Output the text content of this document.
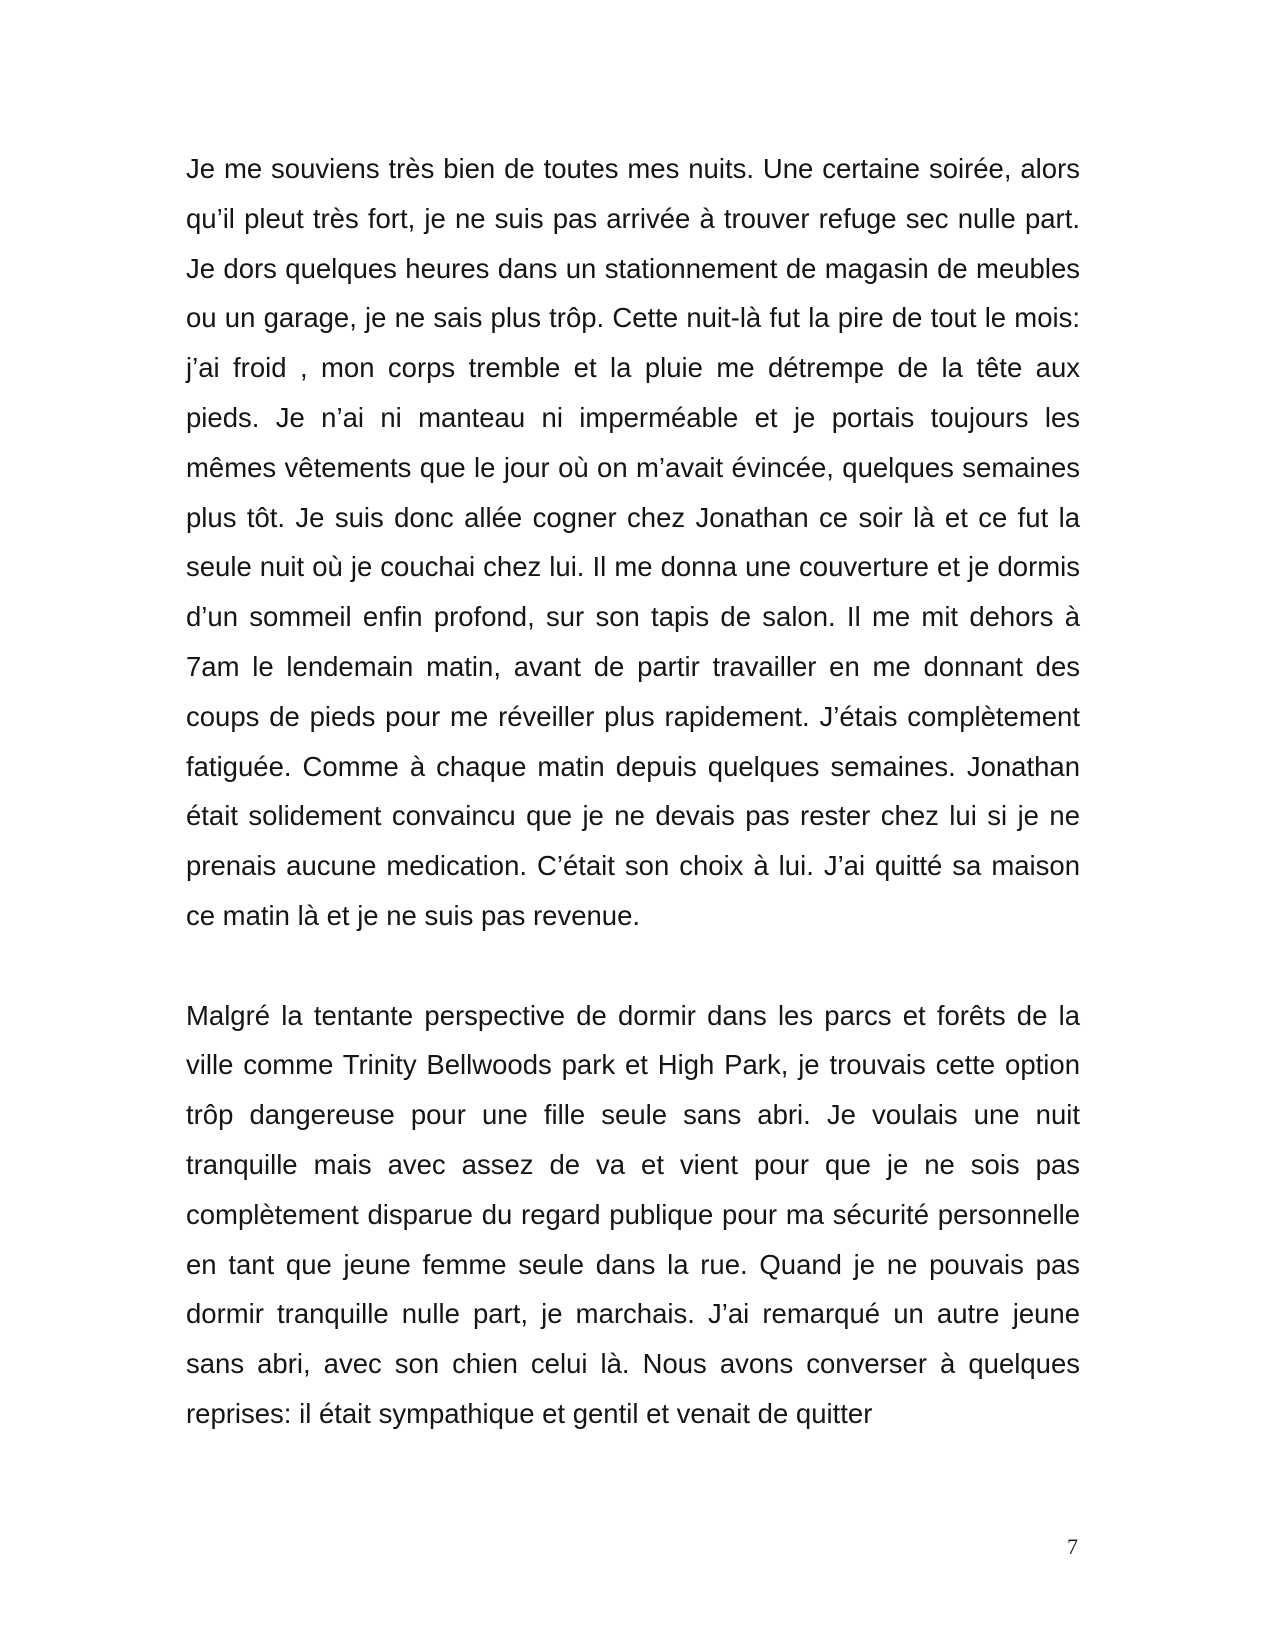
Je me souviens très bien de toutes mes nuits. Une certaine soirée, alors qu’il pleut très fort, je ne suis pas arrivée à trouver refuge sec nulle part. Je dors quelques heures dans un stationnement de magasin de meubles ou un garage, je ne sais plus trôp. Cette nuit-là fut la pire de tout le mois: j’ai froid , mon corps tremble et la pluie me détrempe de la tête aux pieds. Je n’ai ni manteau ni imperméable et je portais toujours les mêmes vêtements que le jour où on m’avait évincée, quelques semaines plus tôt. Je suis donc allée cogner chez Jonathan ce soir là et ce fut la seule nuit où je couchai chez lui. Il me donna une couverture et je dormis d’un sommeil enfin profond, sur son tapis de salon. Il me mit dehors à 7am le lendemain matin, avant de partir travailler en me donnant des coups de pieds pour me réveiller plus rapidement. J’étais complètement fatiguée. Comme à chaque matin depuis quelques semaines. Jonathan était solidement convaincu que je ne devais pas rester chez lui si je ne prenais aucune medication. C’était son choix à lui. J’ai quitté sa maison ce matin là et je ne suis pas revenue.

Malgré la tentante perspective de dormir dans les parcs et forêts de la ville comme Trinity Bellwoods park et High Park, je trouvais cette option trôp dangereuse pour une fille seule sans abri. Je voulais une nuit tranquille mais avec assez de va et vient pour que je ne sois pas complètement disparue du regard publique pour ma sécurité personnelle en tant que jeune femme seule dans la rue. Quand je ne pouvais pas dormir tranquille nulle part, je marchais. J’ai remarqué un autre jeune sans abri, avec son chien celui là. Nous avons converser à quelques reprises: il était sympathique et gentil et venait de quitter

7
